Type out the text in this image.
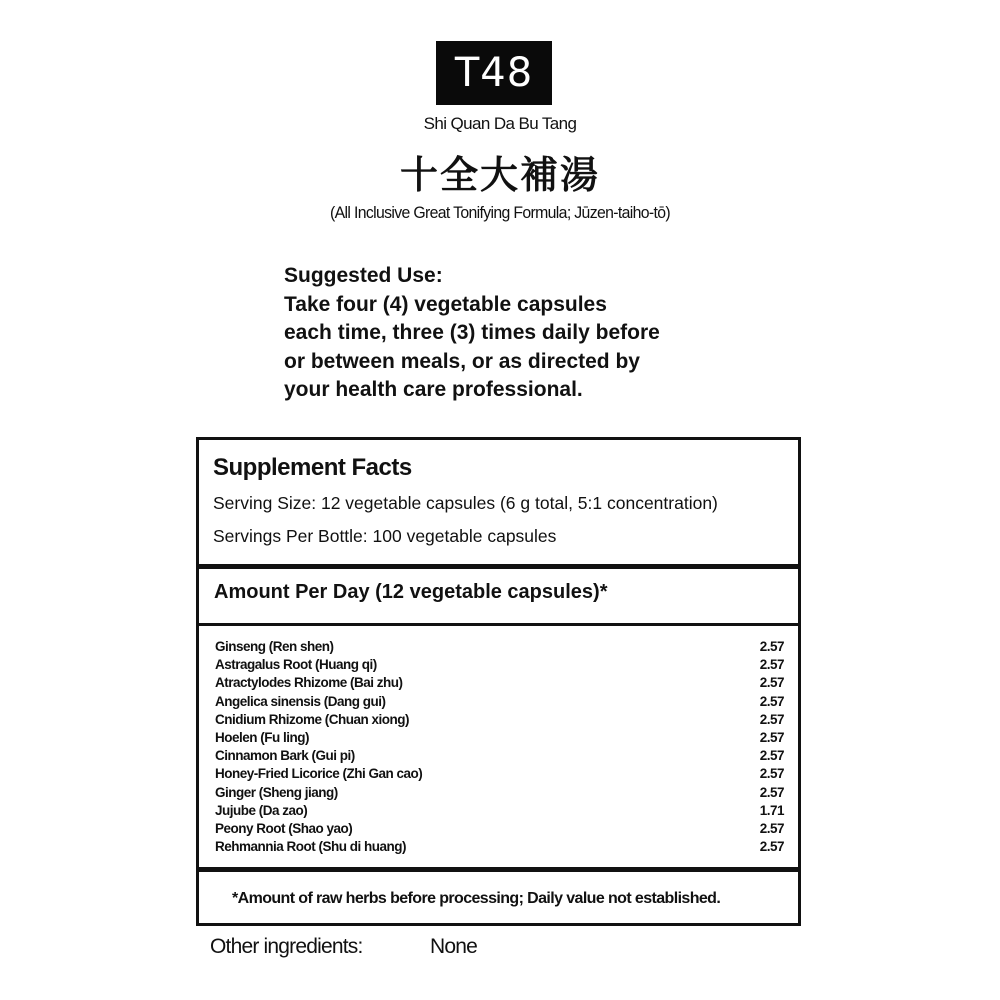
T48
Shi Quan Da Bu Tang
十全大補湯
(All Inclusive Great Tonifying Formula; Jūzen-taiho-tō)
Suggested Use:
Take four (4) vegetable capsules
each time, three (3) times daily before
or between meals, or as directed by
your health care professional.
Supplement Facts
Serving Size: 12 vegetable capsules (6 g total, 5:1 concentration)
Servings Per Bottle: 100 vegetable capsules
Amount Per Day (12 vegetable capsules)*
Ginseng (Ren shen)	2.57
Astragalus Root (Huang qi)	2.57
Atractylodes Rhizome (Bai zhu)	2.57
Angelica sinensis (Dang gui)	2.57
Cnidium Rhizome (Chuan xiong)	2.57
Hoelen (Fu ling)	2.57
Cinnamon Bark (Gui pi)	2.57
Honey-Fried Licorice (Zhi Gan cao)	2.57
Ginger (Sheng jiang)	2.57
Jujube (Da zao)	1.71
Peony Root (Shao yao)	2.57
Rehmannia Root (Shu di huang)	2.57
*Amount of raw herbs before processing; Daily value not established.
Other ingredients:	None
